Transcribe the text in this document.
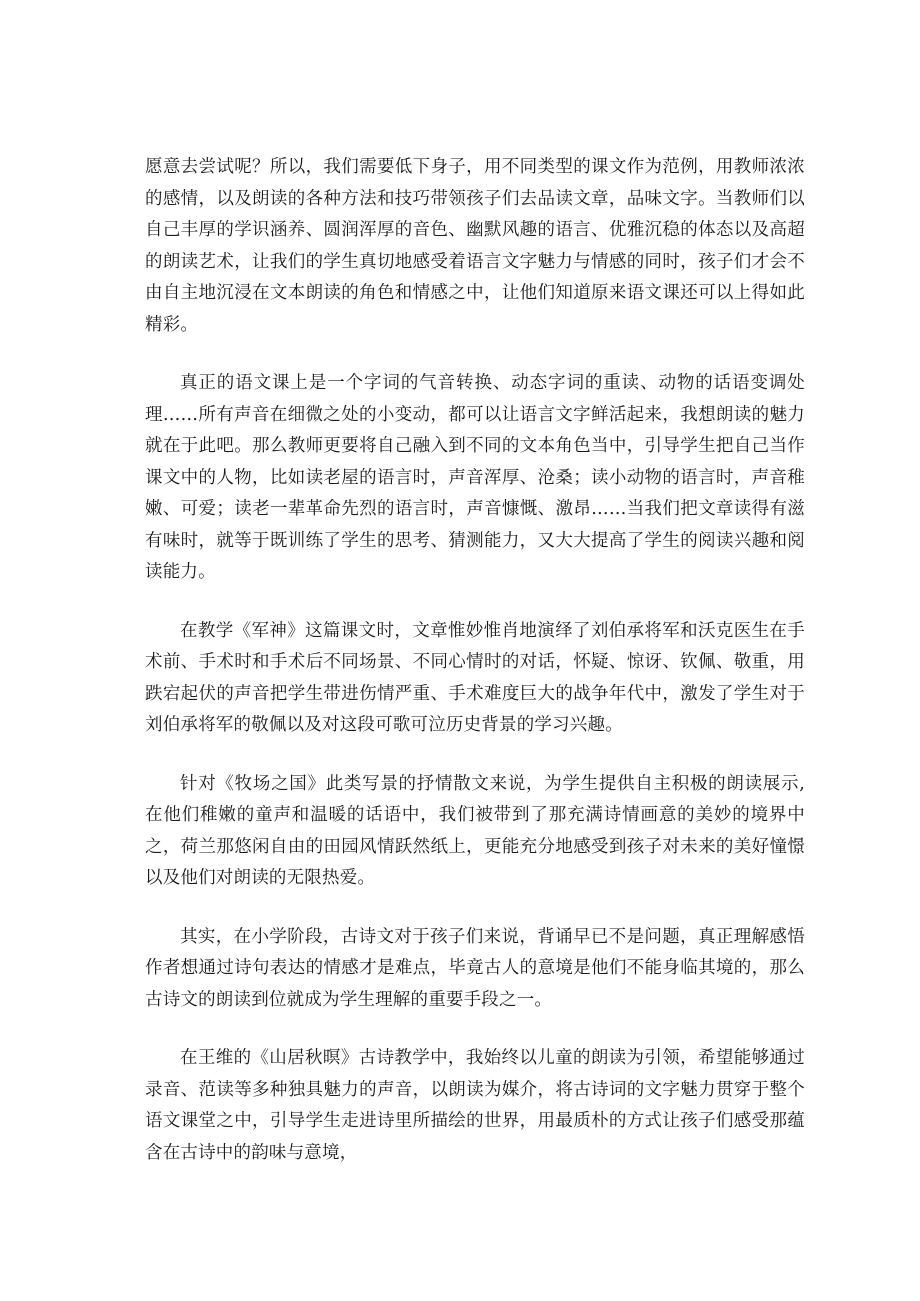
愿意去尝试呢？所以，我们需要低下身子，用不同类型的课文作为范例，用教师浓浓的感情，以及朗读的各种方法和技巧带领孩子们去品读文章，品味文字。当教师们以自己丰厚的学识涵养、圆润浑厚的音色、幽默风趣的语言、优雅沉稳的体态以及高超的朗读艺术，让我们的学生真切地感受着语言文字魅力与情感的同时，孩子们才会不由自主地沉浸在文本朗读的角色和情感之中，让他们知道原来语文课还可以上得如此精彩。

真正的语文课上是一个字词的气音转换、动态字词的重读、动物的话语变调处理……所有声音在细微之处的小变动，都可以让语言文字鲜活起来，我想朗读的魅力就在于此吧。那么教师更要将自己融入到不同的文本角色当中，引导学生把自己当作课文中的人物，比如读老屋的语言时，声音浑厚、沧桑；读小动物的语言时，声音稚嫩、可爱；读老一辈革命先烈的语言时，声音慷慨、激昂……当我们把文章读得有滋有味时，就等于既训练了学生的思考、猜测能力，又大大提高了学生的阅读兴趣和阅读能力。

在教学《军神》这篇课文时，文章惟妙惟肖地演绎了刘伯承将军和沃克医生在手术前、手术时和手术后不同场景、不同心情时的对话，怀疑、惊讶、钦佩、敬重，用跌宕起伏的声音把学生带进伤情严重、手术难度巨大的战争年代中，激发了学生对于刘伯承将军的敬佩以及对这段可歌可泣历史背景的学习兴趣。

针对《牧场之国》此类写景的抒情散文来说，为学生提供自主积极的朗读展示,在他们稚嫩的童声和温暖的话语中，我们被带到了那充满诗情画意的美妙的境界中之，荷兰那悠闲自由的田园风情跃然纸上，更能充分地感受到孩子对未来的美好憧憬以及他们对朗读的无限热爱。

其实，在小学阶段，古诗文对于孩子们来说，背诵早已不是问题，真正理解感悟作者想通过诗句表达的情感才是难点，毕竟古人的意境是他们不能身临其境的，那么古诗文的朗读到位就成为学生理解的重要手段之一。

在王维的《山居秋暝》古诗教学中，我始终以儿童的朗读为引领，希望能够通过录音、范读等多种独具魅力的声音，以朗读为媒介，将古诗词的文字魅力贯穿于整个语文课堂之中，引导学生走进诗里所描绘的世界，用最质朴的方式让孩子们感受那蕴含在古诗中的韵味与意境，
